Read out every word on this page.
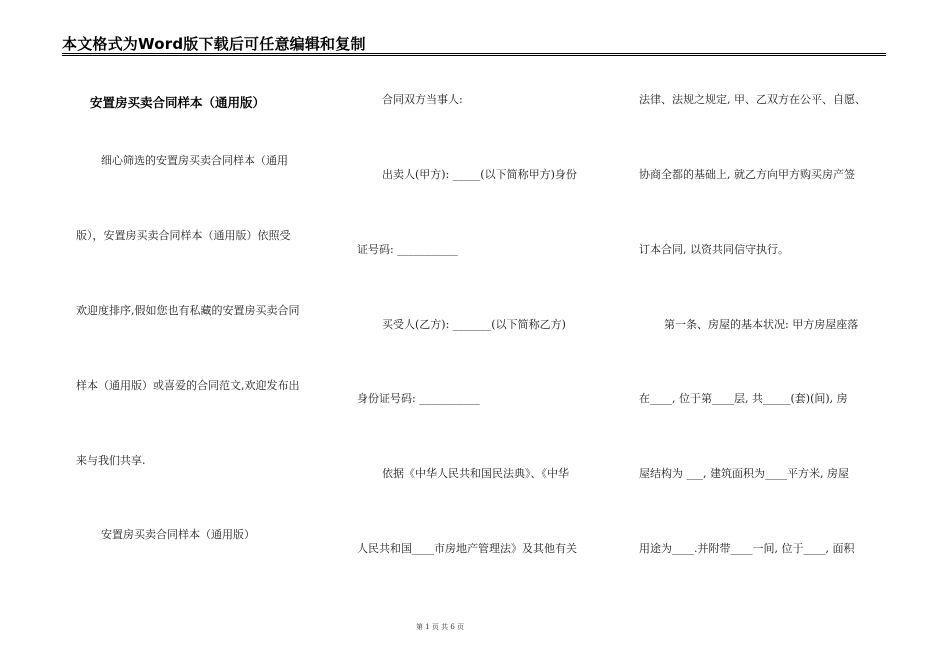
本文格式为Word版下载后可任意编辑和复制
安置房买卖合同样本（通用版）
细心筛选的安置房买卖合同样本（通用
版），安置房买卖合同样本（通用版）依照受
欢迎度排序,假如您也有私藏的安置房买卖合同
样本（通用版）或喜爱的合同范文,欢迎发布出
来与我们共享.
安置房买卖合同样本（通用版）
合同双方当事人:
出卖人(甲方): _____(以下简称甲方)身份
证号码: ___________
买受人(乙方): _______(以下简称乙方)
身份证号码: ___________
依据《中华人民共和国民法典》、《中华
人民共和国____市房地产管理法》及其他有关
法律、法规之规定, 甲、乙双方在公平、自愿、
协商全都的基础上, 就乙方向甲方购买房产签
订本合同, 以资共同信守执行。
第一条、房屋的基本状况: 甲方房屋座落
在____, 位于第____层, 共_____(套)(间), 房
屋结构为 ___, 建筑面积为____平方米, 房屋
用途为____.并附带____一间, 位于____, 面积
第 1 页 共 6 页
